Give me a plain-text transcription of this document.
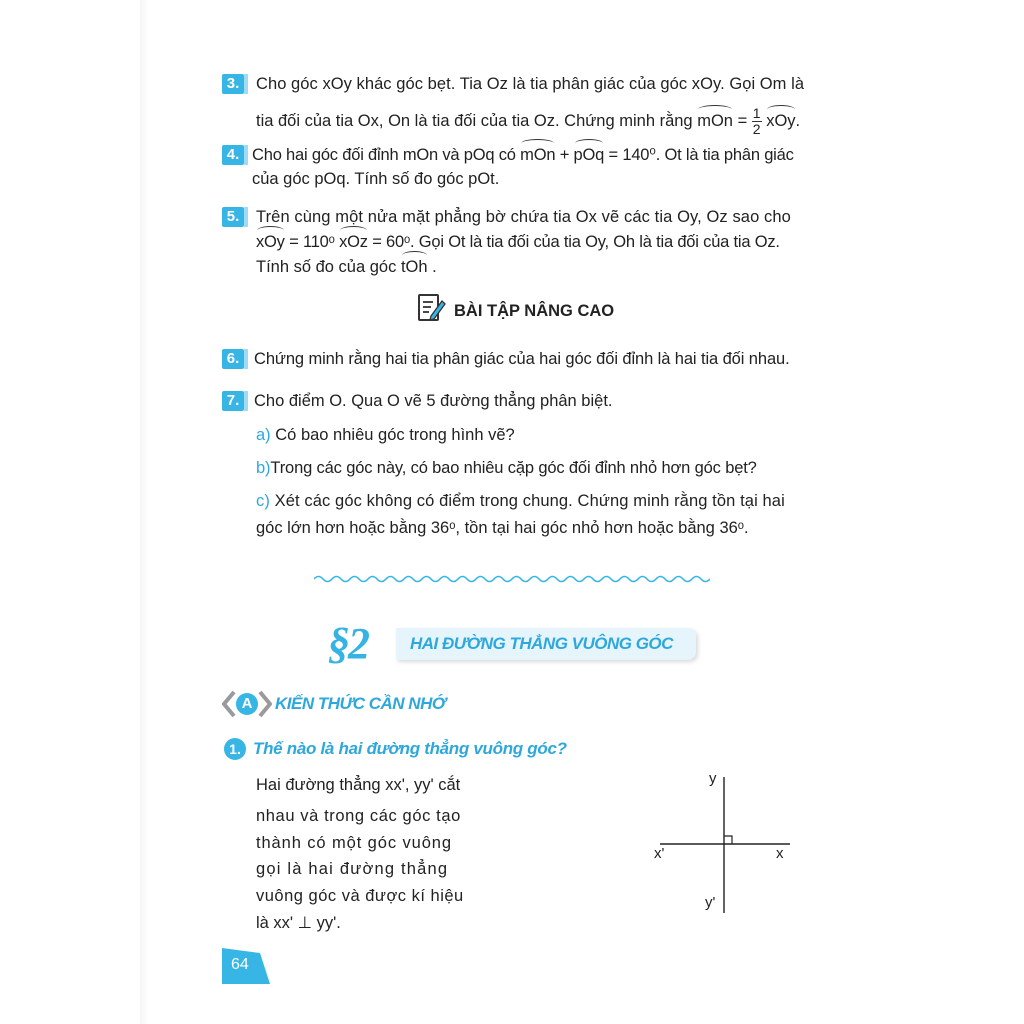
3. Cho góc xOy khác góc bẹt. Tia Oz là tia phân giác của góc xOy. Gọi Om là
tia đối của tia Ox, On là tia đối của tia Oz. Chứng minh rằng mOn = $\frac{1}{2}$ xOy.
4. Cho hai góc đối đỉnh mOn và pOq có mOn + pOq = 140⁰. Ot là tia phân giác
của góc pOq. Tính số đo góc pOt.
5. Trên cùng một nửa mặt phẳng bờ chứa tia Ox vẽ các tia Oy, Oz sao cho
xOy = 110ᵒ xOz = 60ᵒ. Gọi Ot là tia đối của tia Oy, Oh là tia đối của tia Oz.
Tính số đo của góc tOh .
BÀI TẬP NÂNG CAO
6. Chứng minh rằng hai tia phân giác của hai góc đối đỉnh là hai tia đối nhau.
7. Cho điểm O. Qua O vẽ 5 đường thẳng phân biệt.
a) Có bao nhiêu góc trong hình vẽ?
b)Trong các góc này, có bao nhiêu cặp góc đối đỉnh nhỏ hơn góc bẹt?
c) Xét các góc không có điểm trong chung. Chứng minh rằng tồn tại hai
góc lớn hơn hoặc bằng 36ᵒ, tồn tại hai góc nhỏ hơn hoặc bằng 36ᵒ.
§2 HAI ĐƯỜNG THẲNG VUÔNG GÓC
A KIẾN THỨC CẦN NHỚ
1. Thế nào là hai đường thẳng vuông góc?
Hai đường thẳng xx', yy' cắt
nhau và trong các góc tạo
thành có một góc vuông
gọi là hai đường thẳng
vuông góc và được kí hiệu
là xx' ⊥ yy'.
y
x
x'
y'
64
